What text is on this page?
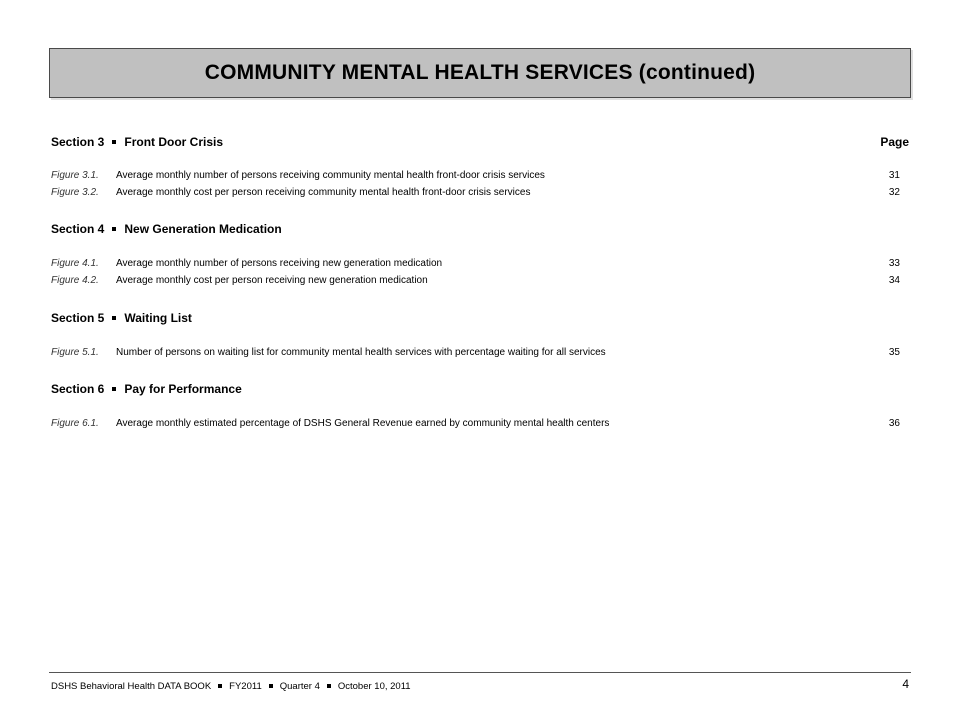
COMMUNITY MENTAL HEALTH SERVICES (continued)
Section 3 Front Door Crisis	Page
Figure 3.1. Average monthly number of persons receiving community mental health front-door crisis services	31
Figure 3.2. Average monthly cost per person receiving community mental health front-door crisis services	32
Section 4 New Generation Medication
Figure 4.1. Average monthly number of persons receiving new generation medication	33
Figure 4.2. Average monthly cost per person receiving new generation medication	34
Section 5 Waiting List
Figure 5.1. Number of persons on waiting list for community mental health services with percentage waiting for all services	35
Section 6 Pay for Performance
Figure 6.1. Average monthly estimated percentage of DSHS General Revenue earned by community mental health centers	36
DSHS Behavioral Health DATA BOOK FY2011 Quarter 4 October 10, 2011	4
